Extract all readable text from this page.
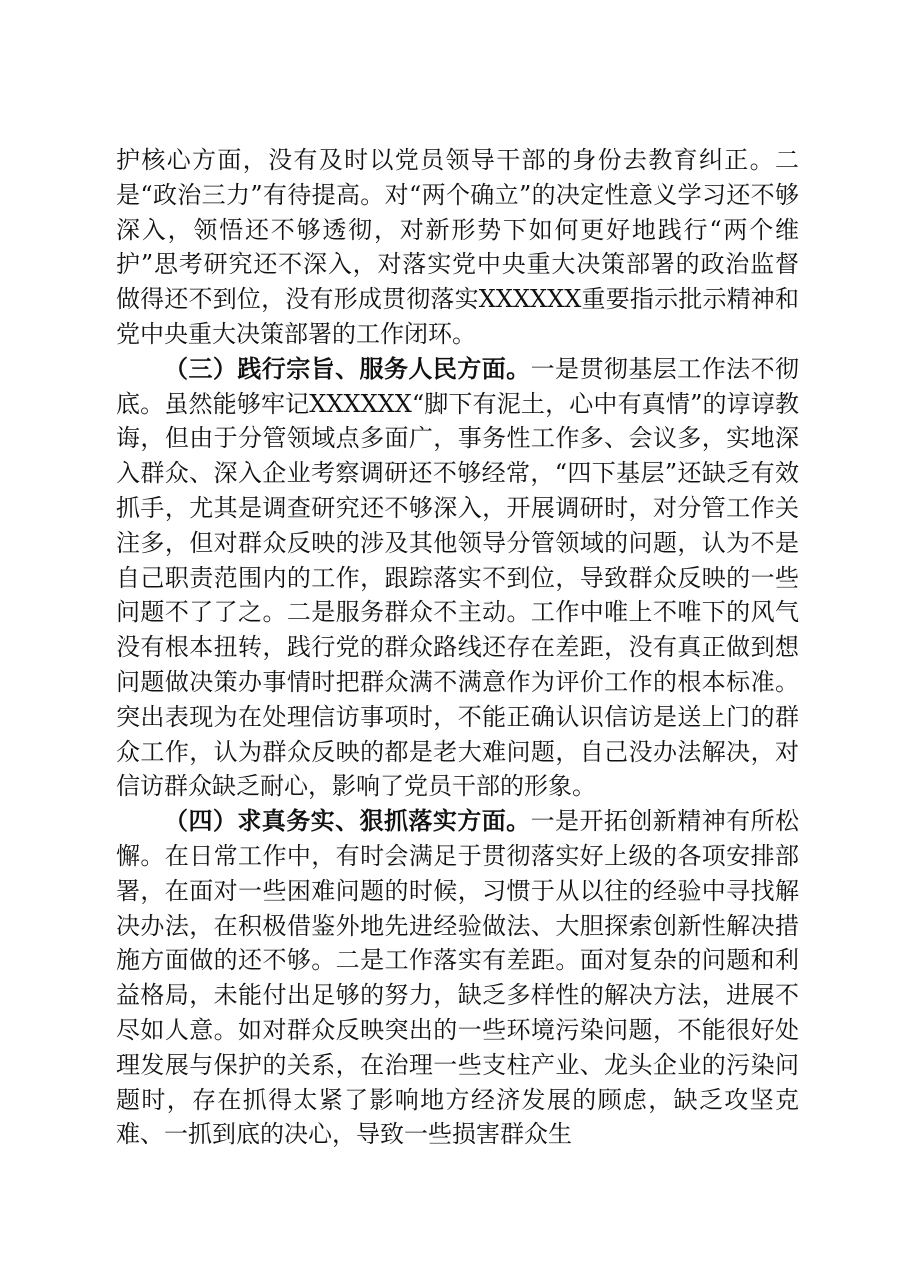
护核心方面，没有及时以党员领导干部的身份去教育纠正。二是“政治三力”有待提高。对“两个确立”的决定性意义学习还不够深入，领悟还不够透彻，对新形势下如何更好地践行“两个维护”思考研究还不深入，对落实党中央重大决策部署的政治监督做得还不到位，没有形成贯彻落实XXXXXX重要指示批示精神和党中央重大决策部署的工作闭环。

（三）践行宗旨、服务人民方面。一是贯彻基层工作法不彻底。虽然能够牢记XXXXXX“脚下有泥土，心中有真情”的谆谆教诲，但由于分管领域点多面广，事务性工作多、会议多，实地深入群众、深入企业考察调研还不够经常，“四下基层”还缺乏有效抓手，尤其是调查研究还不够深入，开展调研时，对分管工作关注多，但对群众反映的涉及其他领导分管领域的问题，认为不是自己职责范围内的工作，跟踪落实不到位，导致群众反映的一些问题不了了之。二是服务群众不主动。工作中唯上不唯下的风气没有根本扭转，践行党的群众路线还存在差距，没有真正做到想问题做决策办事情时把群众满不满意作为评价工作的根本标准。突出表现为在处理信访事项时，不能正确认识信访是送上门的群众工作，认为群众反映的都是老大难问题，自己没办法解决，对信访群众缺乏耐心，影响了党员干部的形象。

（四）求真务实、狠抓落实方面。一是开拓创新精神有所松懈。在日常工作中，有时会满足于贯彻落实好上级的各项安排部署，在面对一些困难问题的时候，习惯于从以往的经验中寻找解决办法，在积极借鉴外地先进经验做法、大胆探索创新性解决措施方面做的还不够。二是工作落实有差距。面对复杂的问题和利益格局，未能付出足够的努力，缺乏多样性的解决方法，进展不尽如人意。如对群众反映突出的一些环境污染问题，不能很好处理发展与保护的关系，在治理一些支柱产业、龙头企业的污染问题时，存在抓得太紧了影响地方经济发展的顾虑，缺乏攻坚克难、一抓到底的决心，导致一些损害群众生
